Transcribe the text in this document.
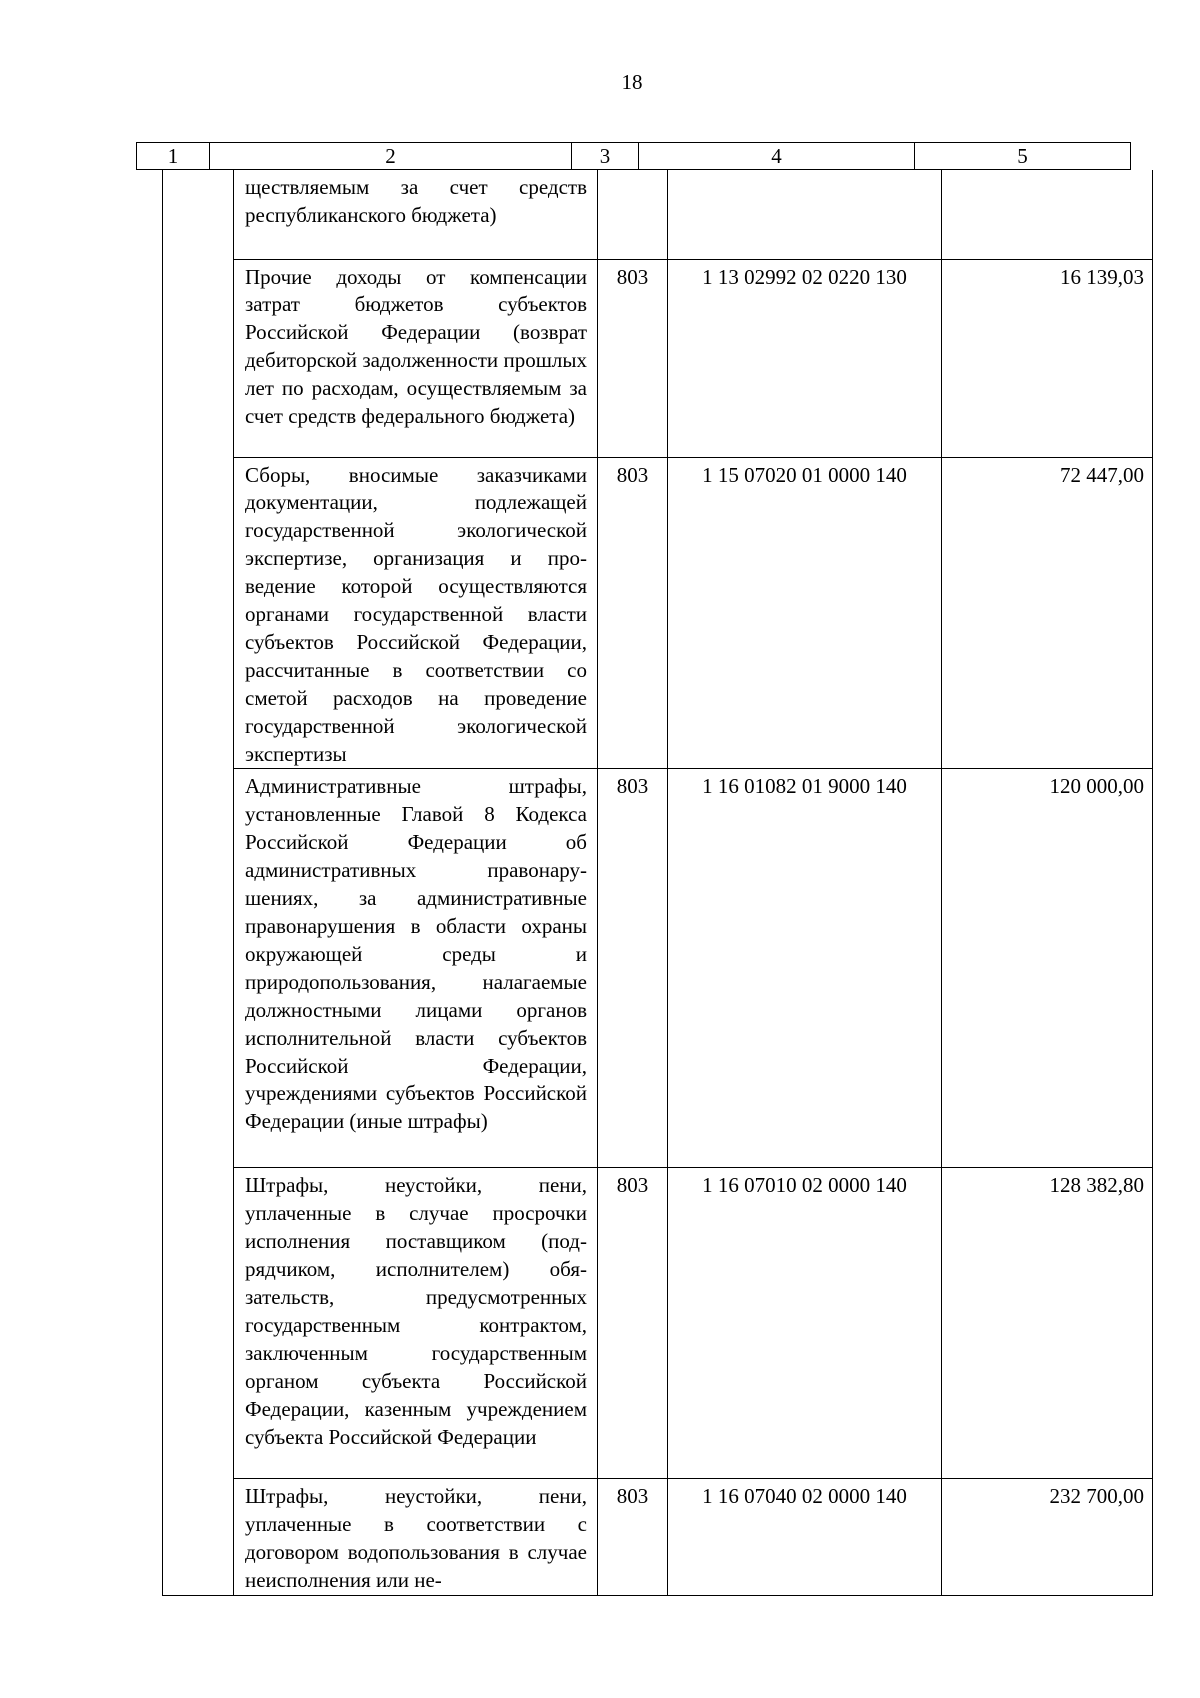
18
1	2	3	4	5
	ществляемым за счет средств республиканского бюджета)			
	Прочие доходы от компенсации затрат бюджетов субъектов Российской Федерации (возврат дебиторской задолженности прошлых лет по расходам, осуществляемым за счет средств федерального бюджета)	803	1 13 02992 02 0220 130	16 139,03
	Сборы, вносимые заказчиками документации, подлежащей государственной экологической экспертизе, организация и проведение которой осуществляются органами государственной власти субъектов Российской Федерации, рассчитанные в соответствии со сметой расходов на проведение государственной экологической экспертизы	803	1 15 07020 01 0000 140	72 447,00
	Административные штрафы, установленные Главой 8 Кодекса Российской Федерации об административных правонарушениях, за административные правонарушения в области охраны окружающей среды и природопользования, налагаемые должностными лицами органов исполнительной власти субъектов Российской Федерации, учреждениями субъектов Российской Федерации (иные штрафы)	803	1 16 01082 01 9000 140	120 000,00
	Штрафы, неустойки, пени, уплаченные в случае просрочки исполнения поставщиком (подрядчиком, исполнителем) обязательств, предусмотренных государственным контрактом, заключенным государственным органом субъекта Российской Федерации, казенным учреждением субъекта Российской Федерации	803	1 16 07010 02 0000 140	128 382,80
	Штрафы, неустойки, пени, уплаченные в соответствии с договором водопользования в случае неисполнения или не-	803	1 16 07040 02 0000 140	232 700,00
